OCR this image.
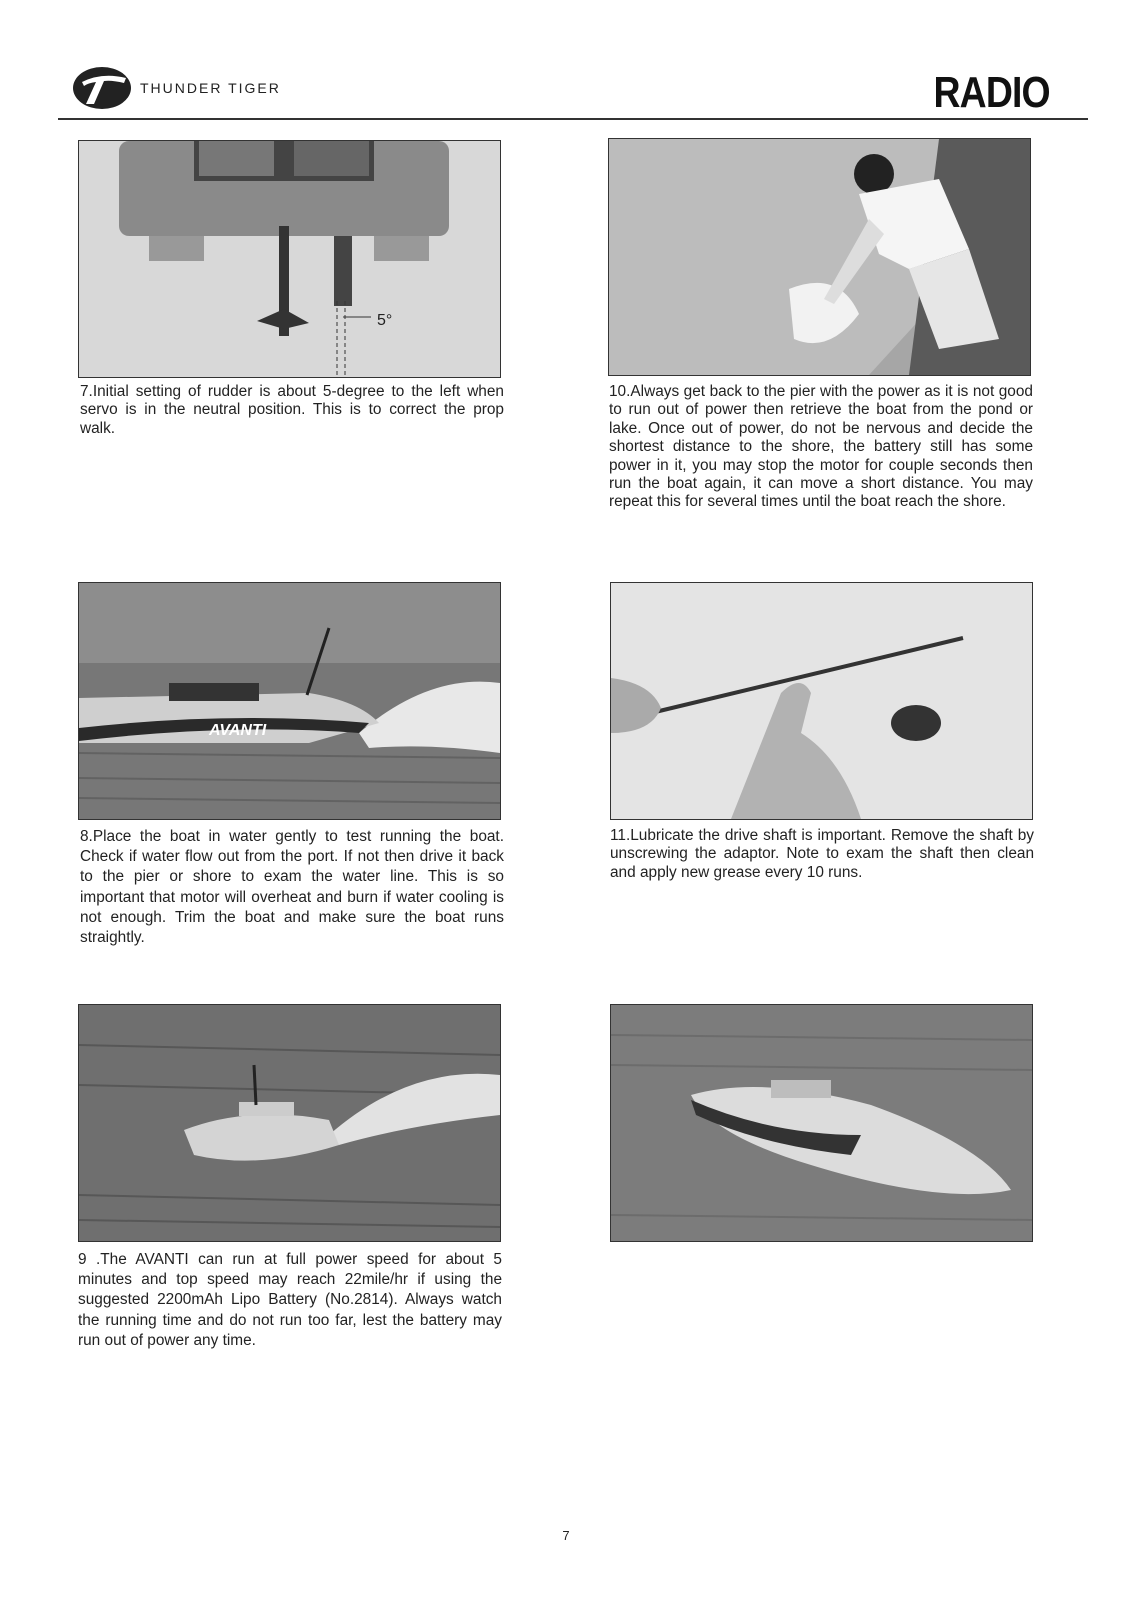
THUNDER TIGER	RADIO
5°
7.Initial setting of rudder is about 5-degree to the left when servo is in the neutral position. This is to correct the prop walk.
10.Always get back to the pier with the power as it is not good to run out of power then retrieve the boat from the pond or lake. Once out of power, do not be nervous and decide the shortest distance to the shore, the battery still has some power in it, you may stop the motor for couple seconds then run the boat again, it can move a short distance. You may repeat this for several times until the boat reach the shore.
AVANTI
8.Place the boat in water gently to test running the boat. Check if water flow out from the port. If not then drive it back to the pier or shore to exam the water line. This is so important that motor will overheat and burn if water cooling is not enough. Trim the boat and make sure the boat runs straightly.
11.Lubricate the drive shaft is important. Remove the shaft by unscrewing the adaptor. Note to exam the shaft then clean and apply new grease every 10 runs.
9 .The AVANTI can run at full power speed for about 5 minutes and top speed may reach 22mile/hr if using the suggested 2200mAh Lipo Battery (No.2814). Always watch the running time and do not run too far, lest the battery may run out of power any time.
7
